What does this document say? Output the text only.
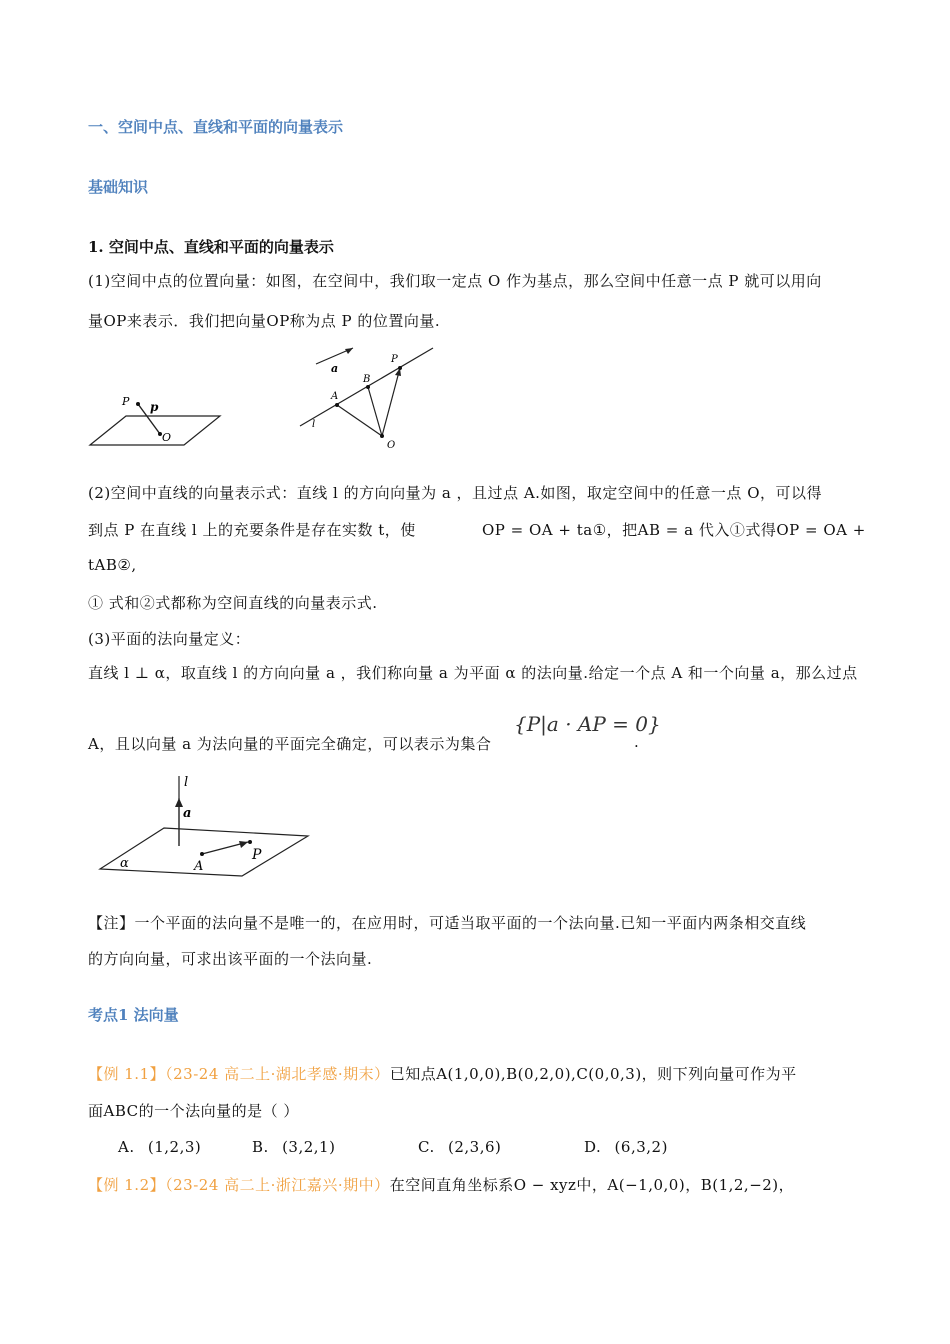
一、空间中点、直线和平面的向量表示
基础知识
1. 空间中点、直线和平面的向量表示
(1)空间中点的位置向量：如图，在空间中，我们取一定点 O 作为基点，那么空间中任意一点 P 就可以用向
量OP来表示．我们把向量OP称为点 P 的位置向量.
P p
O
a
l
A
B
P
O
(2)空间中直线的向量表示式：直线 l 的方向向量为 a ，且过点 A.如图，取定空间中的任意一点 O，可以得
到点 P 在直线 l 上的充要条件是存在实数 t，使	OP = OA + ta①，把AB = a 代入①式得OP = OA +
tAB②,
① 式和②式都称为空间直线的向量表示式.
(3)平面的法向量定义：
直线 l ⊥ α，取直线 l 的方向向量 a ，我们称向量 a 为平面 α 的法向量.给定一个点 A 和一个向量 a，那么过点
A，且以向量 a 为法向量的平面完全确定，可以表示为集合
{P|a · AP = 0}
.
l
a
α	A
P
【注】一个平面的法向量不是唯一的，在应用时，可适当取平面的一个法向量.已知一平面内两条相交直线
的方向向量，可求出该平面的一个法向量.
考点1 法向量
【例 1.1】（23-24 高二上·湖北孝感·期末）已知点A(1,0,0),B(0,2,0),C(0,0,3)，则下列向量可作为平
面ABC的一个法向量的是（ ）
A. (1,2,3)	B. (3,2,1)	C. (2,3,6)	D. (6,3,2)
【例 1.2】（23-24 高二上·浙江嘉兴·期中）在空间直角坐标系O − xyz中，A(−1,0,0)，B(1,2,−2)，
